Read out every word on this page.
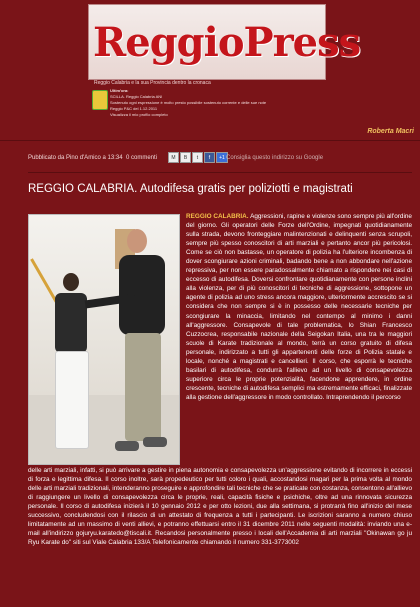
ReggioPress
Reggio Calabria e la sua Provincia dentro la cronaca
Ultim'ora:
SCILLA. Reggio Calabria ANI
Sostenuto ogni espressione è molto presto possibile sostenuto corrente e delle sue note
Reggio P&C del 1.12.2011
Visualizza il mio profilo completo
Roberta Macri
Pubblicato da Pino d'Amico a 13:34 0 commenti	M	B	t	f	+1 Consiglia questo indirizzo su Google
REGGIO CALABRIA. Autodifesa gratis per poliziotti e magistrati
REGGIO CALABRIA. Aggressioni, rapine e violenze sono sempre più all'ordine del giorno. Gli operatori delle Forze dell'Ordine, impegnati quotidianamente sulla strada, devono fronteggiare malintenzionati e delinquenti senza scrupoli, sempre più spesso conoscitori di arti marziali e pertanto ancor più pericolosi. Come se ciò non bastasse, un operatore di polizia ha l'ulteriore incombenza di dover scongiurare azioni criminali, badando bene a non abbondare nell'azione repressiva, per non essere paradossalmente chiamato a rispondere nei casi di eccesso di autodifesa. Doversi confrontare quotidianamente con persone inclini alla violenza, per di più conoscitori di tecniche di aggressione, sottopone un agente di polizia ad uno stress ancora maggiore, ulteriormente accrescito se si considera che non sempre si è in possesso delle necessarie tecniche per scongiurare la minaccia, limitando nel contempo al minimo i danni all'aggressore. Consapevole di tale problematica, lo Shian Francesco Cuzzocrea, responsabile nazionale della Seigokan Italia, una tra le maggiori scuole di Karate tradizionale al mondo, terrà un corso gratuito di difesa personale, indirizzato a tutti gli appartenenti delle forze di Polizia statale e locale, nonché a magistrati e cancellieri. Il corso, che esporrà le tecniche basilari di autodifesa, condurrà l'allievo ad un livello di consapevolezza superiore circa le proprie potenzialità, facendone apprendere, in ordine crescente, tecniche di autodifesa semplici ma estremamente efficaci, finalizzate alla gestione dell'aggressore in modo controllato. Intraprendendo il percorso
delle arti marziali, infatti, si può arrivare a gestire in piena autonomia e consapevolezza un'aggressione evitando di incorrere in eccessi di forza e legittima difesa. Il corso inoltre, sarà propedeutico per tutti coloro i quali, accostandosi magari per la prima volta al mondo delle arti marziali tradizionali, intenderanno proseguire e approfondire tali tecniche che se praticate con costanza, consentono all'allievo di raggiungere un livello di consapevolezza circa le proprie, reali, capacità fisiche e psichiche, oltre ad una rinnovata sicurezza personale. Il corso di autodifesa inizierà il 10 gennaio 2012 e per otto lezioni, due alla settimana, si protrarrà fino all'inizio del mese successivo, concludendosi con il rilascio di un attestato di frequenza a tutti i partecipanti. Le iscrizioni saranno a numero chiuso limitatamente ad un massimo di venti allievi, e potranno effettuarsi entro il 31 dicembre 2011 nelle seguenti modalità: inviando una e-mail all'indirizzo gojuryu.karatedo@tiscali.it. Recandosi personalmente presso i locali dell'Accademia di arti marziali "Okinawan go ju Ryu Karate do" siti sul Viale Calabria 133/A Telefonicamente chiamando il numero 331-3773002
